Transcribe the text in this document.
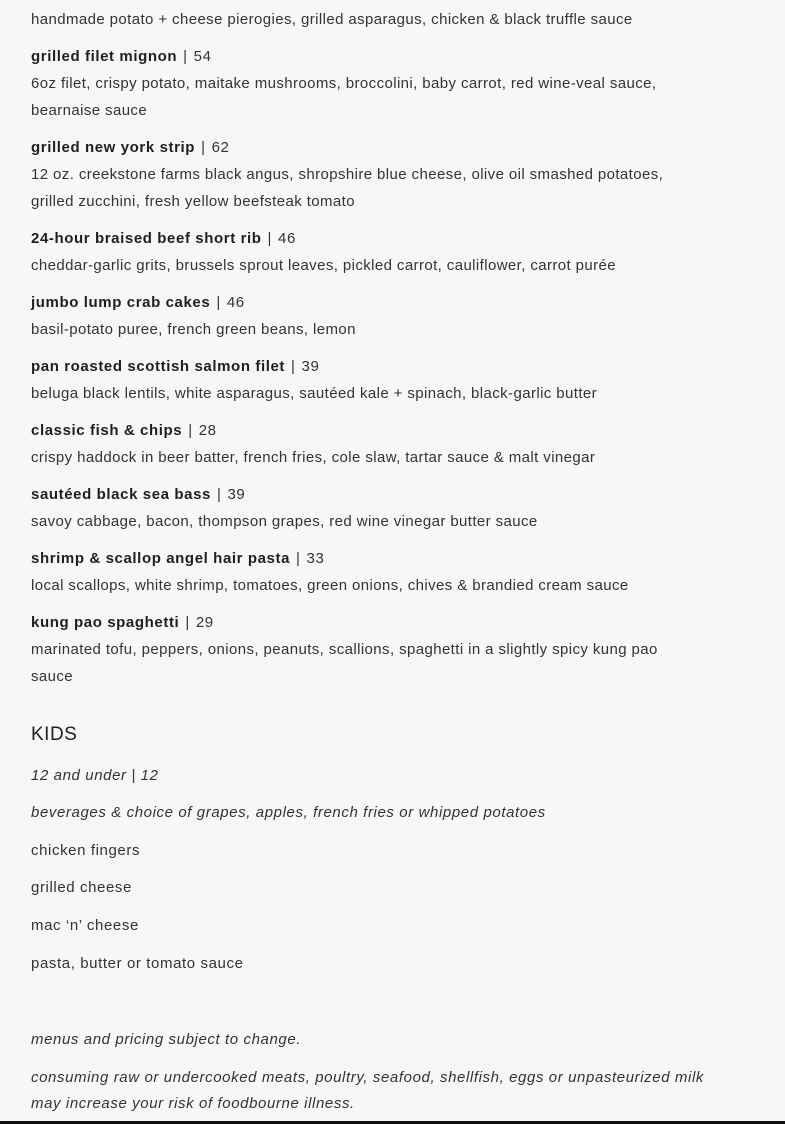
handmade potato + cheese pierogies, grilled asparagus, chicken & black truffle sauce
grilled filet mignon | 54
6oz filet, crispy potato, maitake mushrooms, broccolini, baby carrot, red wine-veal sauce, bearnaise sauce
grilled new york strip | 62
12 oz. creekstone farms black angus, shropshire blue cheese, olive oil smashed potatoes, grilled zucchini, fresh yellow beefsteak tomato
24-hour braised beef short rib | 46
cheddar-garlic grits, brussels sprout leaves, pickled carrot, cauliflower, carrot purée
jumbo lump crab cakes | 46
basil-potato puree, french green beans, lemon
pan roasted scottish salmon filet | 39
beluga black lentils, white asparagus, sautéed kale + spinach, black-garlic butter
classic fish & chips | 28
crispy haddock in beer batter, french fries, cole slaw, tartar sauce & malt vinegar
sautéed black sea bass | 39
savoy cabbage, bacon, thompson grapes, red wine vinegar butter sauce
shrimp & scallop angel hair pasta | 33
local scallops, white shrimp, tomatoes, green onions, chives & brandied cream sauce
kung pao spaghetti | 29
marinated tofu, peppers, onions, peanuts, scallions, spaghetti in a slightly spicy kung pao sauce
KIDS
12 and under | 12
beverages & choice of grapes, apples, french fries or whipped potatoes
chicken fingers
grilled cheese
mac ‘n’ cheese
pasta, butter or tomato sauce
menus and pricing subject to change.
consuming raw or undercooked meats, poultry, seafood, shellfish, eggs or unpasteurized milk may increase your risk of foodbourne illness.
